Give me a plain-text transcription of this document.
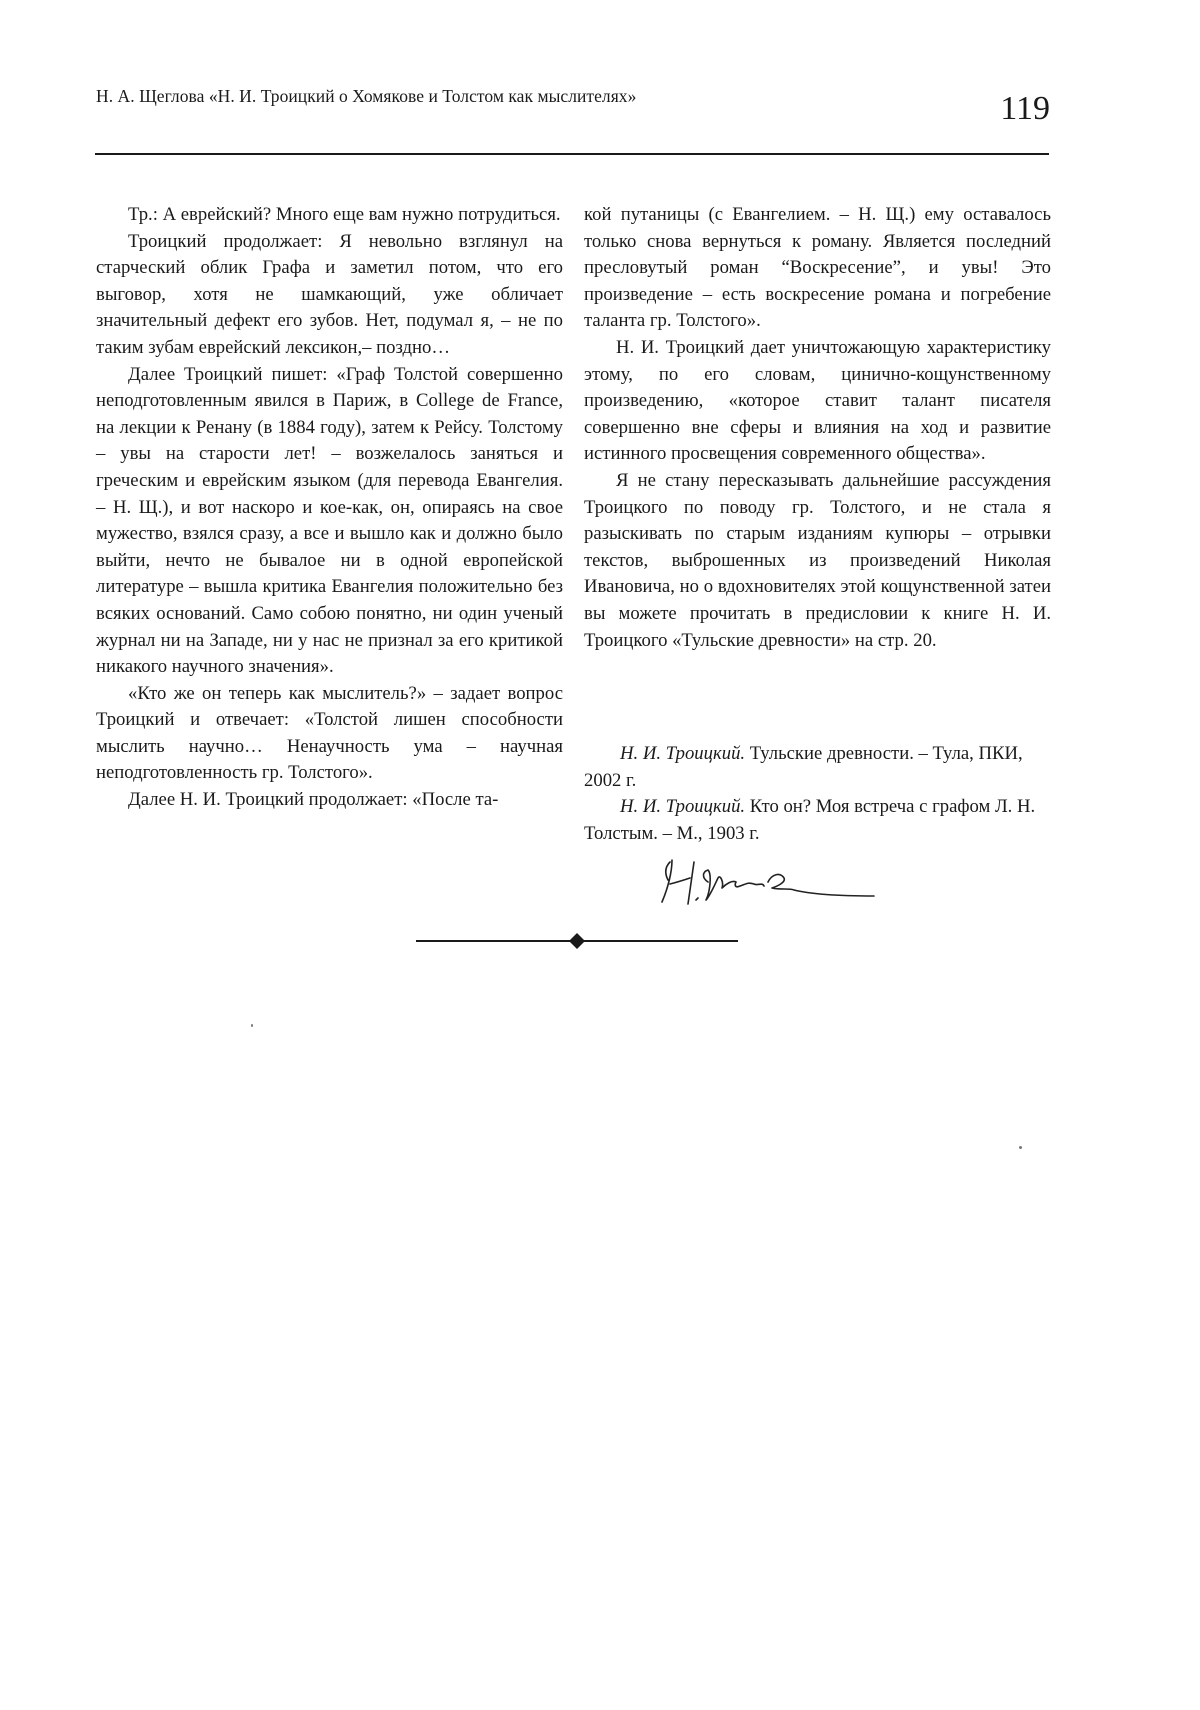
Н. А. Щеглова «Н. И. Троицкий о Хомякове и Толстом как мыслителях»	119

Тр.: А еврейский? Много еще вам нужно потрудиться.

Троицкий продолжает: Я невольно взглянул на старческий облик Графа и заметил потом, что его выговор, хотя не шамкающий, уже обличает значительный дефект его зубов. Нет, подумал я, – не по таким зубам еврейский лексикон,– поздно…

Далее Троицкий пишет: «Граф Толстой совершенно неподготовленным явился в Париж, в College de France, на лекции к Ренану (в 1884 году), затем к Рейсу. Толстому – увы на старости лет! – возжелалось заняться и греческим и еврейским языком (для перевода Евангелия. – Н. Щ.), и вот наскоро и кое-как, он, опираясь на свое мужество, взялся сразу, а все и вышло как и должно было выйти, нечто не бывалое ни в одной европейской литературе – вышла критика Евангелия положительно без всяких оснований. Само собою понятно, ни один ученый журнал ни на Западе, ни у нас не признал за его критикой никакого научного значения».

«Кто же он теперь как мыслитель?» – задает вопрос Троицкий и отвечает: «Толстой лишен способности мыслить научно… Ненаучность ума – научная неподготовленность гр. Толстого».

Далее Н. И. Троицкий продолжает: «После та-

кой путаницы (с Евангелием. – Н. Щ.) ему оставалось только снова вернуться к роману. Является последний пресловутый роман “Воскресение”, и увы! Это произведение – есть воскресение романа и погребение таланта гр. Толстого».

Н. И. Троицкий дает уничтожающую характеристику этому, по его словам, цинично-кощунственному произведению, «которое ставит талант писателя совершенно вне сферы и влияния на ход и развитие истинного просвещения современного общества».

Я не стану пересказывать дальнейшие рассуждения Троицкого по поводу гр. Толстого, и не стала я разыскивать по старым изданиям купюры – отрывки текстов, выброшенных из произведений Николая Ивановича, но о вдохновителях этой кощунственной затеи вы можете прочитать в предисловии к книге Н. И. Троицкого «Тульские древности» на стр. 20.

Н. И. Троицкий. Тульские древности. – Тула, ПКИ, 2002 г.

Н. И. Троицкий. Кто он? Моя встреча с графом Л. Н. Толстым. – М., 1903 г.
